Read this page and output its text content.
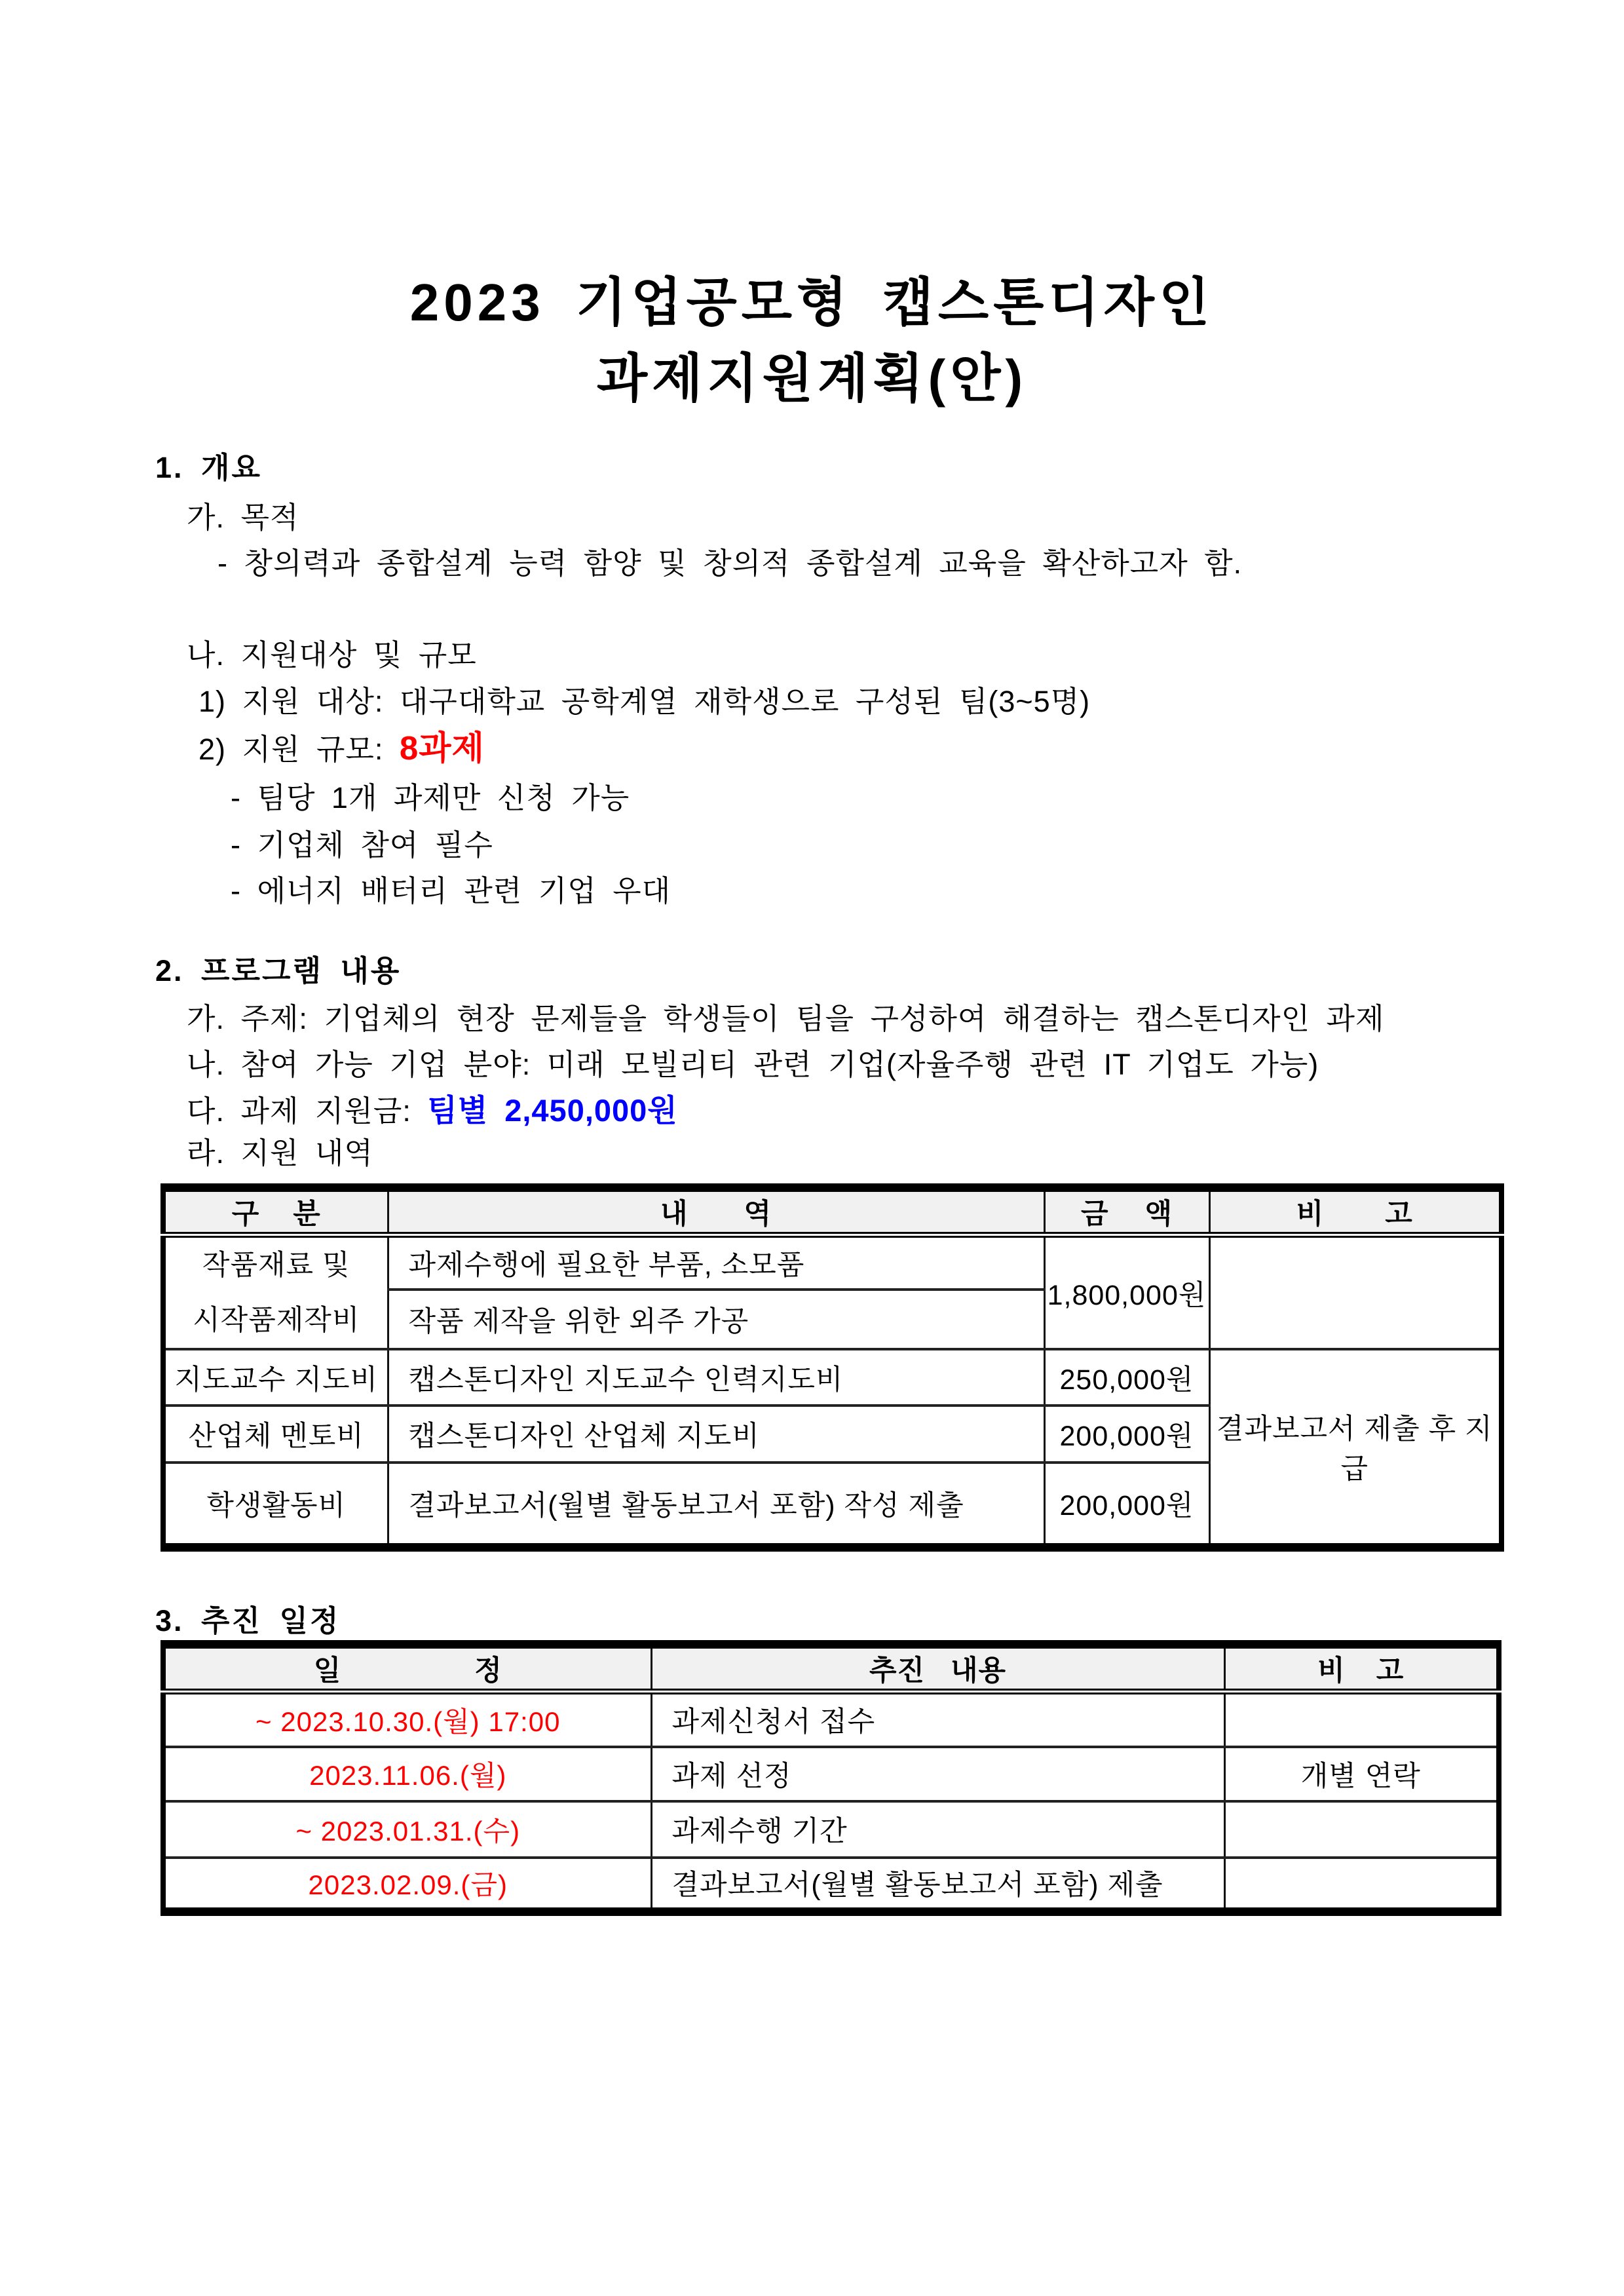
2023 기업공모형 캡스톤디자인
과제지원계획(안)
1. 개요
가. 목적
- 창의력과 종합설계 능력 함양 및 창의적 종합설계 교육을 확산하고자 함.
나. 지원대상 및 규모
1) 지원 대상: 대구대학교 공학계열 재학생으로 구성된 팀(3~5명)
2) 지원 규모: 8과제
- 팀당 1개 과제만 신청 가능
- 기업체 참여 필수
- 에너지 배터리 관련 기업 우대
2. 프로그램 내용
가. 주제: 기업체의 현장 문제들을 학생들이 팀을 구성하여 해결하는 캡스톤디자인 과제
나. 참여 가능 기업 분야: 미래 모빌리티 관련 기업(자율주행 관련 IT 기업도 가능)
다. 과제 지원금: 팀별 2,450,000원
라. 지원 내역
구 분	내 역	금 액	비 고

작품재료 및
시작품제작비	과제수행에 필요한 부품, 소모품	1,800,000원	
	작품 제작을 위한 외주 가공		
지도교수 지도비	캡스톤디자인 지도교수 인력지도비	250,000원	결과보고서 제출 후 지급
산업체 멘토비	캡스톤디자인 산업체 지도비	200,000원	
학생활동비	결과보고서(월별 활동보고서 포함) 작성 제출	200,000원	
3. 추진 일정
일 정	추진 내용	비 고
~ 2023.10.30.(월) 17:00	과제신청서 접수	
2023.11.06.(월)	과제 선정	개별 연락
~ 2023.01.31.(수)	과제수행 기간	
2023.02.09.(금)	결과보고서(월별 활동보고서 포함) 제출	
